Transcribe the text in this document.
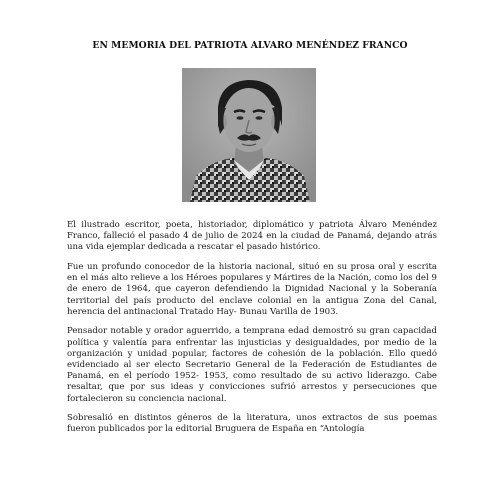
EN MEMORIA DEL PATRIOTA ALVARO MENÉNDEZ FRANCO

El ilustrado escritor, poeta, historiador, diplomático y patriota Álvaro Menéndez Franco, falleció el pasado 4 de julio de 2024 en la ciudad de Panamá, dejando atrás una vida ejemplar dedicada a rescatar el pasado histórico.

Fue un profundo conocedor de la historia nacional, situó en su prosa oral y escrita en el más alto relieve a los Héroes populares y Mártires de la Nación, como los del 9 de enero de 1964, que cayeron defendiendo la Dignidad Nacional y la Soberanía territorial del país producto del enclave colonial en la antigua Zona del Canal, herencia del antinacional Tratado Hay- Bunau Varilla de 1903.

Pensador notable y orador aguerrido, a temprana edad demostró su gran capacidad política y valentía para enfrentar las injusticias y desigualdades, por medio de la organización y unidad popular, factores de cohesión de la población. Ello quedó evidenciado al ser electo Secretario General de la Federación de Estudiantes de Panamá, en el período 1952- 1953, como resultado de su activo liderazgo. Cabe resaltar, que por sus ideas y convicciones sufrió arrestos y persecuciones que fortalecieron su conciencia nacional.

Sobresalió en distintos géneros de la literatura, unos extractos de sus poemas fueron publicados por la editorial Bruguera de España en “Antología
